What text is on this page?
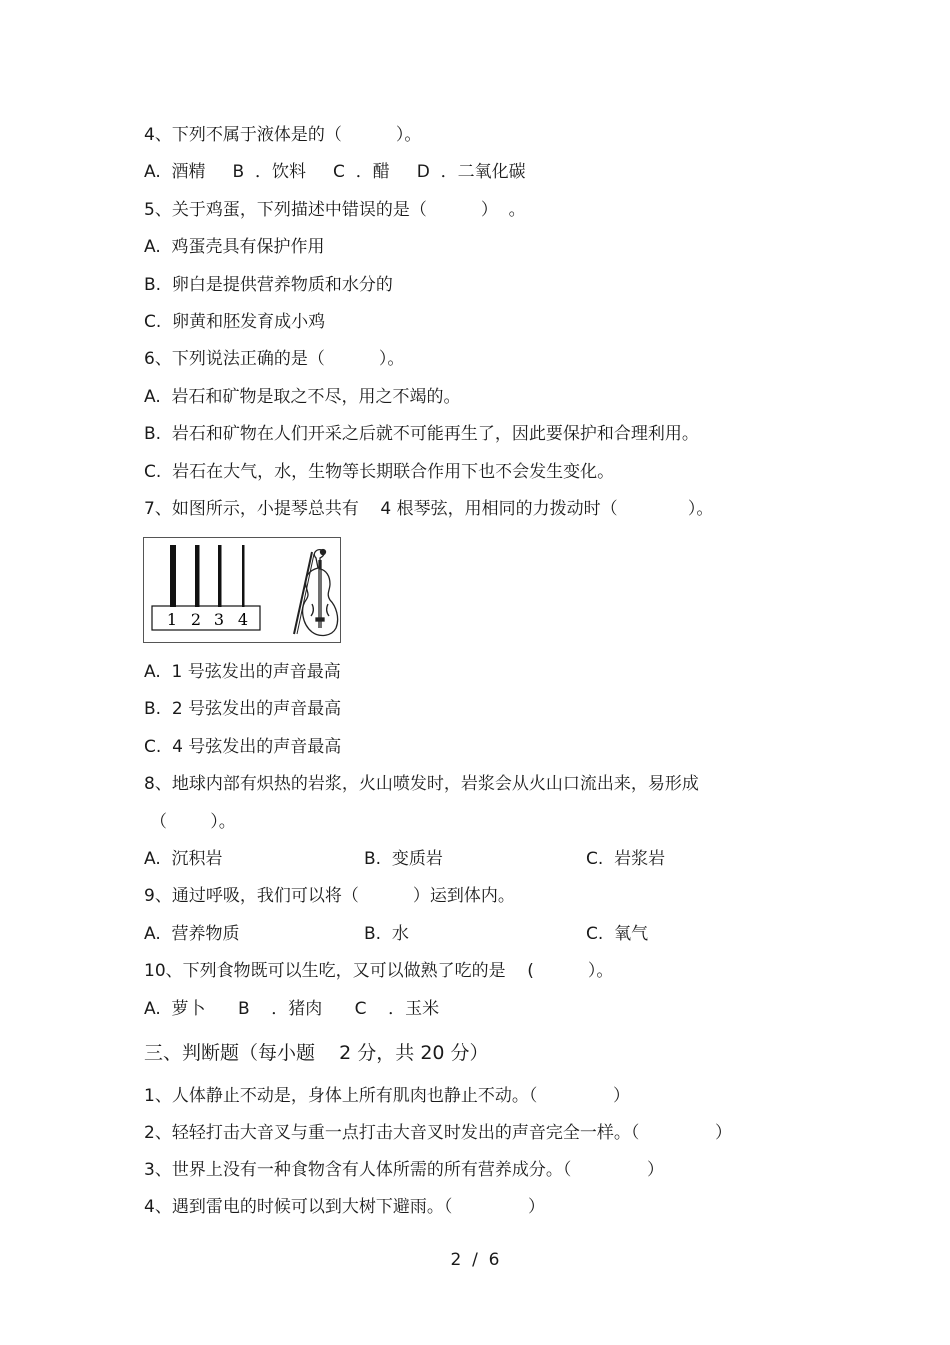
4、下列不属于液体是的（          ）。
A.  酒精     B  ．饮料     C  ．醋     D  ．二氧化碳
5、关于鸡蛋，下列描述中错误的是（          ）  。
A.  鸡蛋壳具有保护作用
B.  卵白是提供营养物质和水分的
C.  卵黄和胚发育成小鸡
6、下列说法正确的是（          ）。
A.  岩石和矿物是取之不尽，用之不竭的。
B.  岩石和矿物在人们开采之后就不可能再生了，因此要保护和合理利用。
C.  岩石在大气，水，生物等长期联合作用下也不会发生变化。
7、如图所示，小提琴总共有    4 根琴弦，用相同的力拨动时（             ）。
1 2 3 4
A.  1 号弦发出的声音最高
B.  2 号弦发出的声音最高
C.  4 号弦发出的声音最高
8、地球内部有炽热的岩浆，火山喷发时，岩浆会从火山口流出来，易形成
（        ）。
A.  沉积岩	B.  变质岩	C.  岩浆岩
9、通过呼吸，我们可以将（          ）运到体内。
A.  营养物质	B.  水	C.  氧气
10、下列食物既可以生吃，又可以做熟了吃的是    (          ）。
A.  萝卜      B    ．猪肉      C    ．玉米
三、判断题（每小题    2 分，共 20 分）
1、人体静止不动是，身体上所有肌肉也静止不动。（              ）
2、轻轻打击大音叉与重一点打击大音叉时发出的声音完全一样。（              ）
3、世界上没有一种食物含有人体所需的所有营养成分。（              ）
4、遇到雷电的时候可以到大树下避雨。（              ）
2  /  6
